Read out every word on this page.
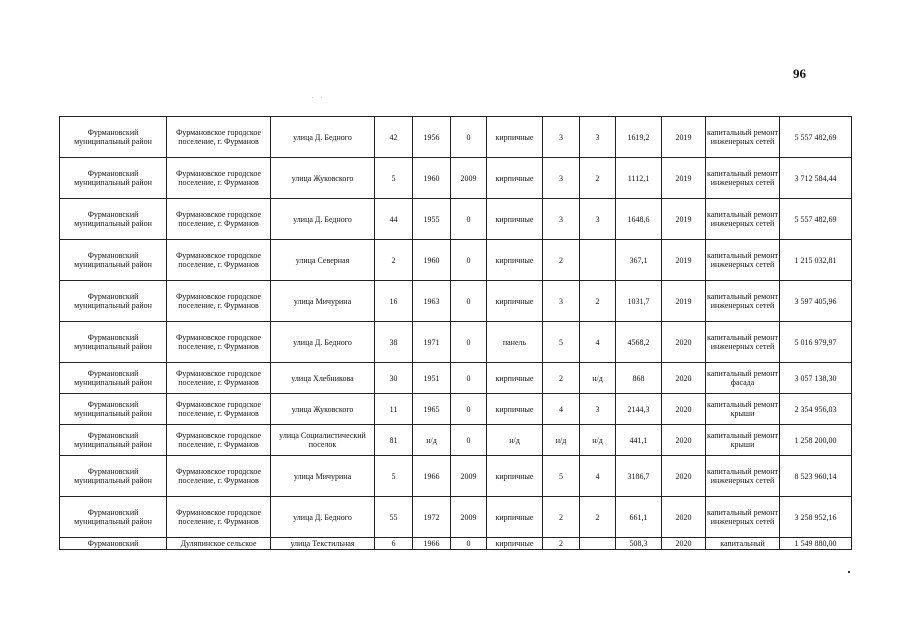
96
. .
Фурмановский муниципальный район	Фурмановское городское поселение, г. Фурманов	улица Д. Бедного	42	1956	0	кирпичные	3	3	1619,2	2019	капитальный ремонт инженерных сетей	5 557 482,69
Фурмановский муниципальный район	Фурмановское городское поселение, г. Фурманов	улица Жуковского	5	1960	2009	кирпичные	3	2	1112,1	2019	капитальный ремонт инженерных сетей	3 712 584,44
Фурмановский муниципальный район	Фурмановское городское поселение, г. Фурманов	улица Д. Бедного	44	1955	0	кирпичные	3	3	1648,6	2019	капитальный ремонт инженерных сетей	5 557 482,69
Фурмановский муниципальный район	Фурмановское городское поселение, г. Фурманов	улица Северная	2	1960	0	кирпичные	2		367,1	2019	капитальный ремонт инженерных сетей	1 215 032,81
Фурмановский муниципальный район	Фурмановское городское поселение, г. Фурманов	улица Мичурина	16	1963	0	кирпичные	3	2	1031,7	2019	капитальный ремонт инженерных сетей	3 597 405,96
Фурмановский муниципальный район	Фурмановское городское поселение, г. Фурманов	улица Д. Бедного	38	1971	0	панель	5	4	4568,2	2020	капитальный ремонт инженерных сетей	5 016 979,97
Фурмановский муниципальный район	Фурмановское городское поселение, г. Фурманов	улица Хлебникова	30	1951	0	кирпичные	2	н/д	868	2020	капитальный ремонт фасада	3 057 138,30
Фурмановский муниципальный район	Фурмановское городское поселение, г. Фурманов	улица Жуковского	11	1965	0	кирпичные	4	3	2144,3	2020	капитальный ремонт крыши	2 354 956,03
Фурмановский муниципальный район	Фурмановское городское поселение, г. Фурманов	улица Социалистический поселок	81	н/д	0	н/д	н/д	н/д	441,1	2020	капитальный ремонт крыши	1 258 200,00
Фурмановский муниципальный район	Фурмановское городское поселение, г. Фурманов	улица Мичурина	5	1966	2009	кирпичные	5	4	3186,7	2020	капитальный ремонт инженерных сетей	8 523 960,14
Фурмановский муниципальный район	Фурмановское городское поселение, г. Фурманов	улица Д. Бедного	55	1972	2009	кирпичные	2	2	661,1	2020	капитальный ремонт инженерных сетей	3 258 952,16
Фурмановский	Дуляпинское сельское	улица Текстильная	6	1966	0	кирпичные	2		508,3	2020	капитальный	1 549 880,00
